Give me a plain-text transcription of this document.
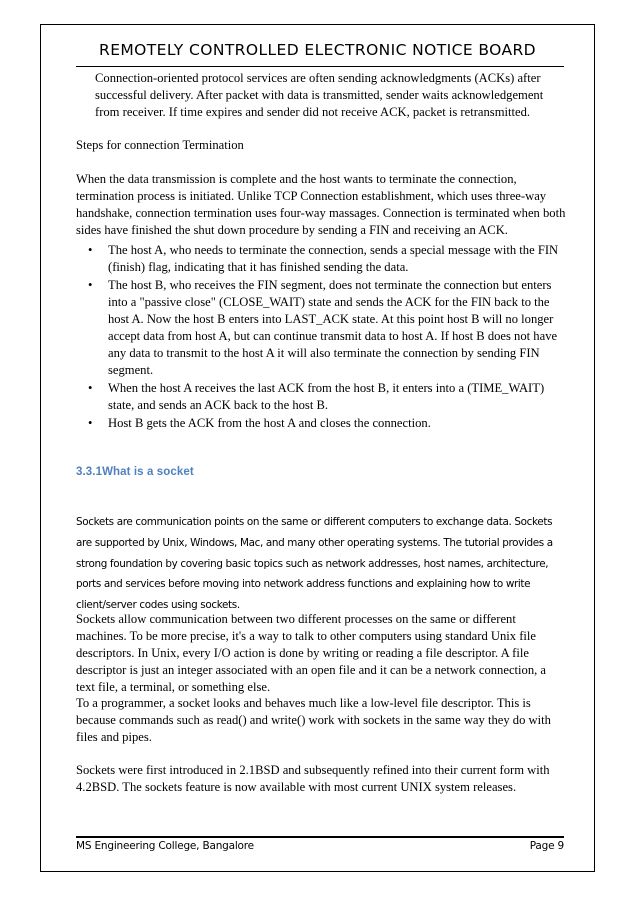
REMOTELY CONTROLLED ELECTRONIC NOTICE BOARD

Connection-oriented protocol services are often sending acknowledgments (ACKs) after successful delivery. After packet with data is transmitted, sender waits acknowledgement from receiver. If time expires and sender did not receive ACK, packet is retransmitted.

Steps for connection Termination

When the data transmission is complete and the host wants to terminate the connection, termination process is initiated. Unlike TCP Connection establishment, which uses three-way handshake, connection termination uses four-way massages. Connection is terminated when both sides have finished the shut down procedure by sending a FIN and receiving an ACK.

• The host A, who needs to terminate the connection, sends a special message with the FIN (finish) flag, indicating that it has finished sending the data.
• The host B, who receives the FIN segment, does not terminate the connection but enters into a "passive close" (CLOSE_WAIT) state and sends the ACK for the FIN back to the host A. Now the host B enters into LAST_ACK state. At this point host B will no longer accept data from host A, but can continue transmit data to host A. If host B does not have any data to transmit to the host A it will also terminate the connection by sending FIN segment.
• When the host A receives the last ACK from the host B, it enters into a (TIME_WAIT) state, and sends an ACK back to the host B.
• Host B gets the ACK from the host A and closes the connection.

3.3.1What is a socket

Sockets are communication points on the same or different computers to exchange data. Sockets are supported by Unix, Windows, Mac, and many other operating systems. The tutorial provides a strong foundation by covering basic topics such as network addresses, host names, architecture, ports and services before moving into network address functions and explaining how to write client/server codes using sockets.

Sockets allow communication between two different processes on the same or different machines. To be more precise, it's a way to talk to other computers using standard Unix file descriptors. In Unix, every I/O action is done by writing or reading a file descriptor. A file descriptor is just an integer associated with an open file and it can be a network connection, a text file, a terminal, or something else.

To a programmer, a socket looks and behaves much like a low-level file descriptor. This is because commands such as read() and write() work with sockets in the same way they do with files and pipes.

Sockets were first introduced in 2.1BSD and subsequently refined into their current form with 4.2BSD. The sockets feature is now available with most current UNIX system releases.

MS Engineering College, Bangalore	Page 9
